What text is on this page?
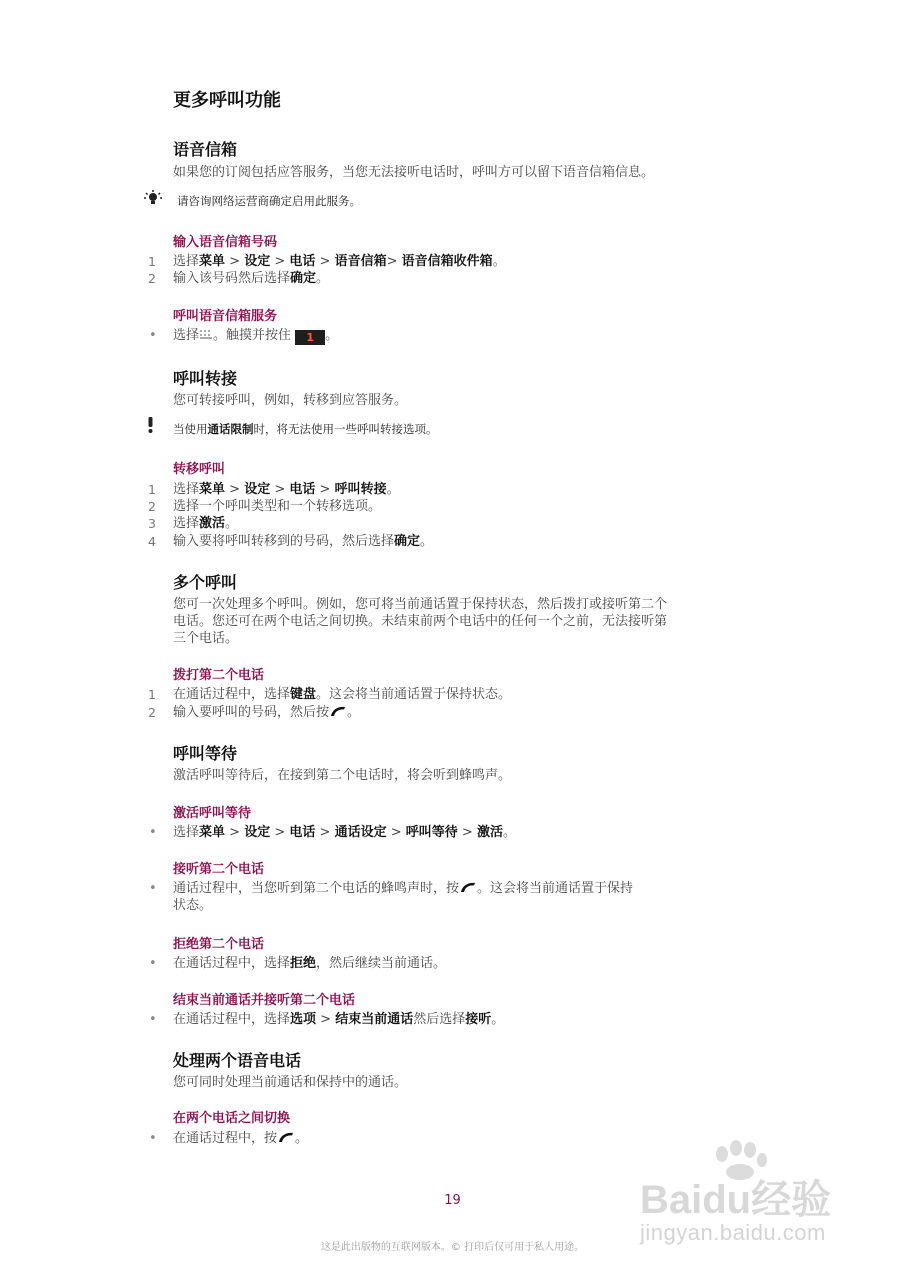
更多呼叫功能
语音信箱
如果您的订阅包括应答服务，当您无法接听电话时，呼叫方可以留下语音信箱信息。
请咨询网络运营商确定启用此服务。
输入语音信箱号码
1	选择菜单 > 设定 > 电话 > 语音信箱> 语音信箱收件箱。
2	输入该号码然后选择确定。
呼叫语音信箱服务
• 选择 。触摸并按住 1 。
呼叫转接
您可转接呼叫，例如，转移到应答服务。
当使用通话限制时，将无法使用一些呼叫转接选项。
转移呼叫
1	选择菜单 > 设定 > 电话 > 呼叫转接。
2	选择一个呼叫类型和一个转移选项。
3	选择激活。
4	输入要将呼叫转移到的号码，然后选择确定。
多个呼叫
您可一次处理多个呼叫。例如，您可将当前通话置于保持状态，然后拨打或接听第二个
电话。您还可在两个电话之间切换。未结束前两个电话中的任何一个之前，无法接听第
三个电话。
拨打第二个电话
1	在通话过程中，选择键盘。这会将当前通话置于保持状态。
2	输入要呼叫的号码，然后按 。
呼叫等待
激活呼叫等待后，在接到第二个电话时，将会听到蜂鸣声。
激活呼叫等待
• 选择菜单 > 设定 > 电话 > 通话设定 > 呼叫等待 > 激活。
接听第二个电话
• 通话过程中，当您听到第二个电话的蜂鸣声时，按 。这会将当前通话置于保持
状态。
拒绝第二个电话
• 在通话过程中，选择拒绝，然后继续当前通话。
结束当前通话并接听第二个电话
• 在通话过程中，选择选项 > 结束当前通话然后选择接听。
处理两个语音电话
您可同时处理当前通话和保持中的通话。
在两个电话之间切换
• 在通话过程中，按 。
Baidu经验
jingyan.baidu.com
19
这是此出版物的互联网版本。© 打印后仅可用于私人用途。
